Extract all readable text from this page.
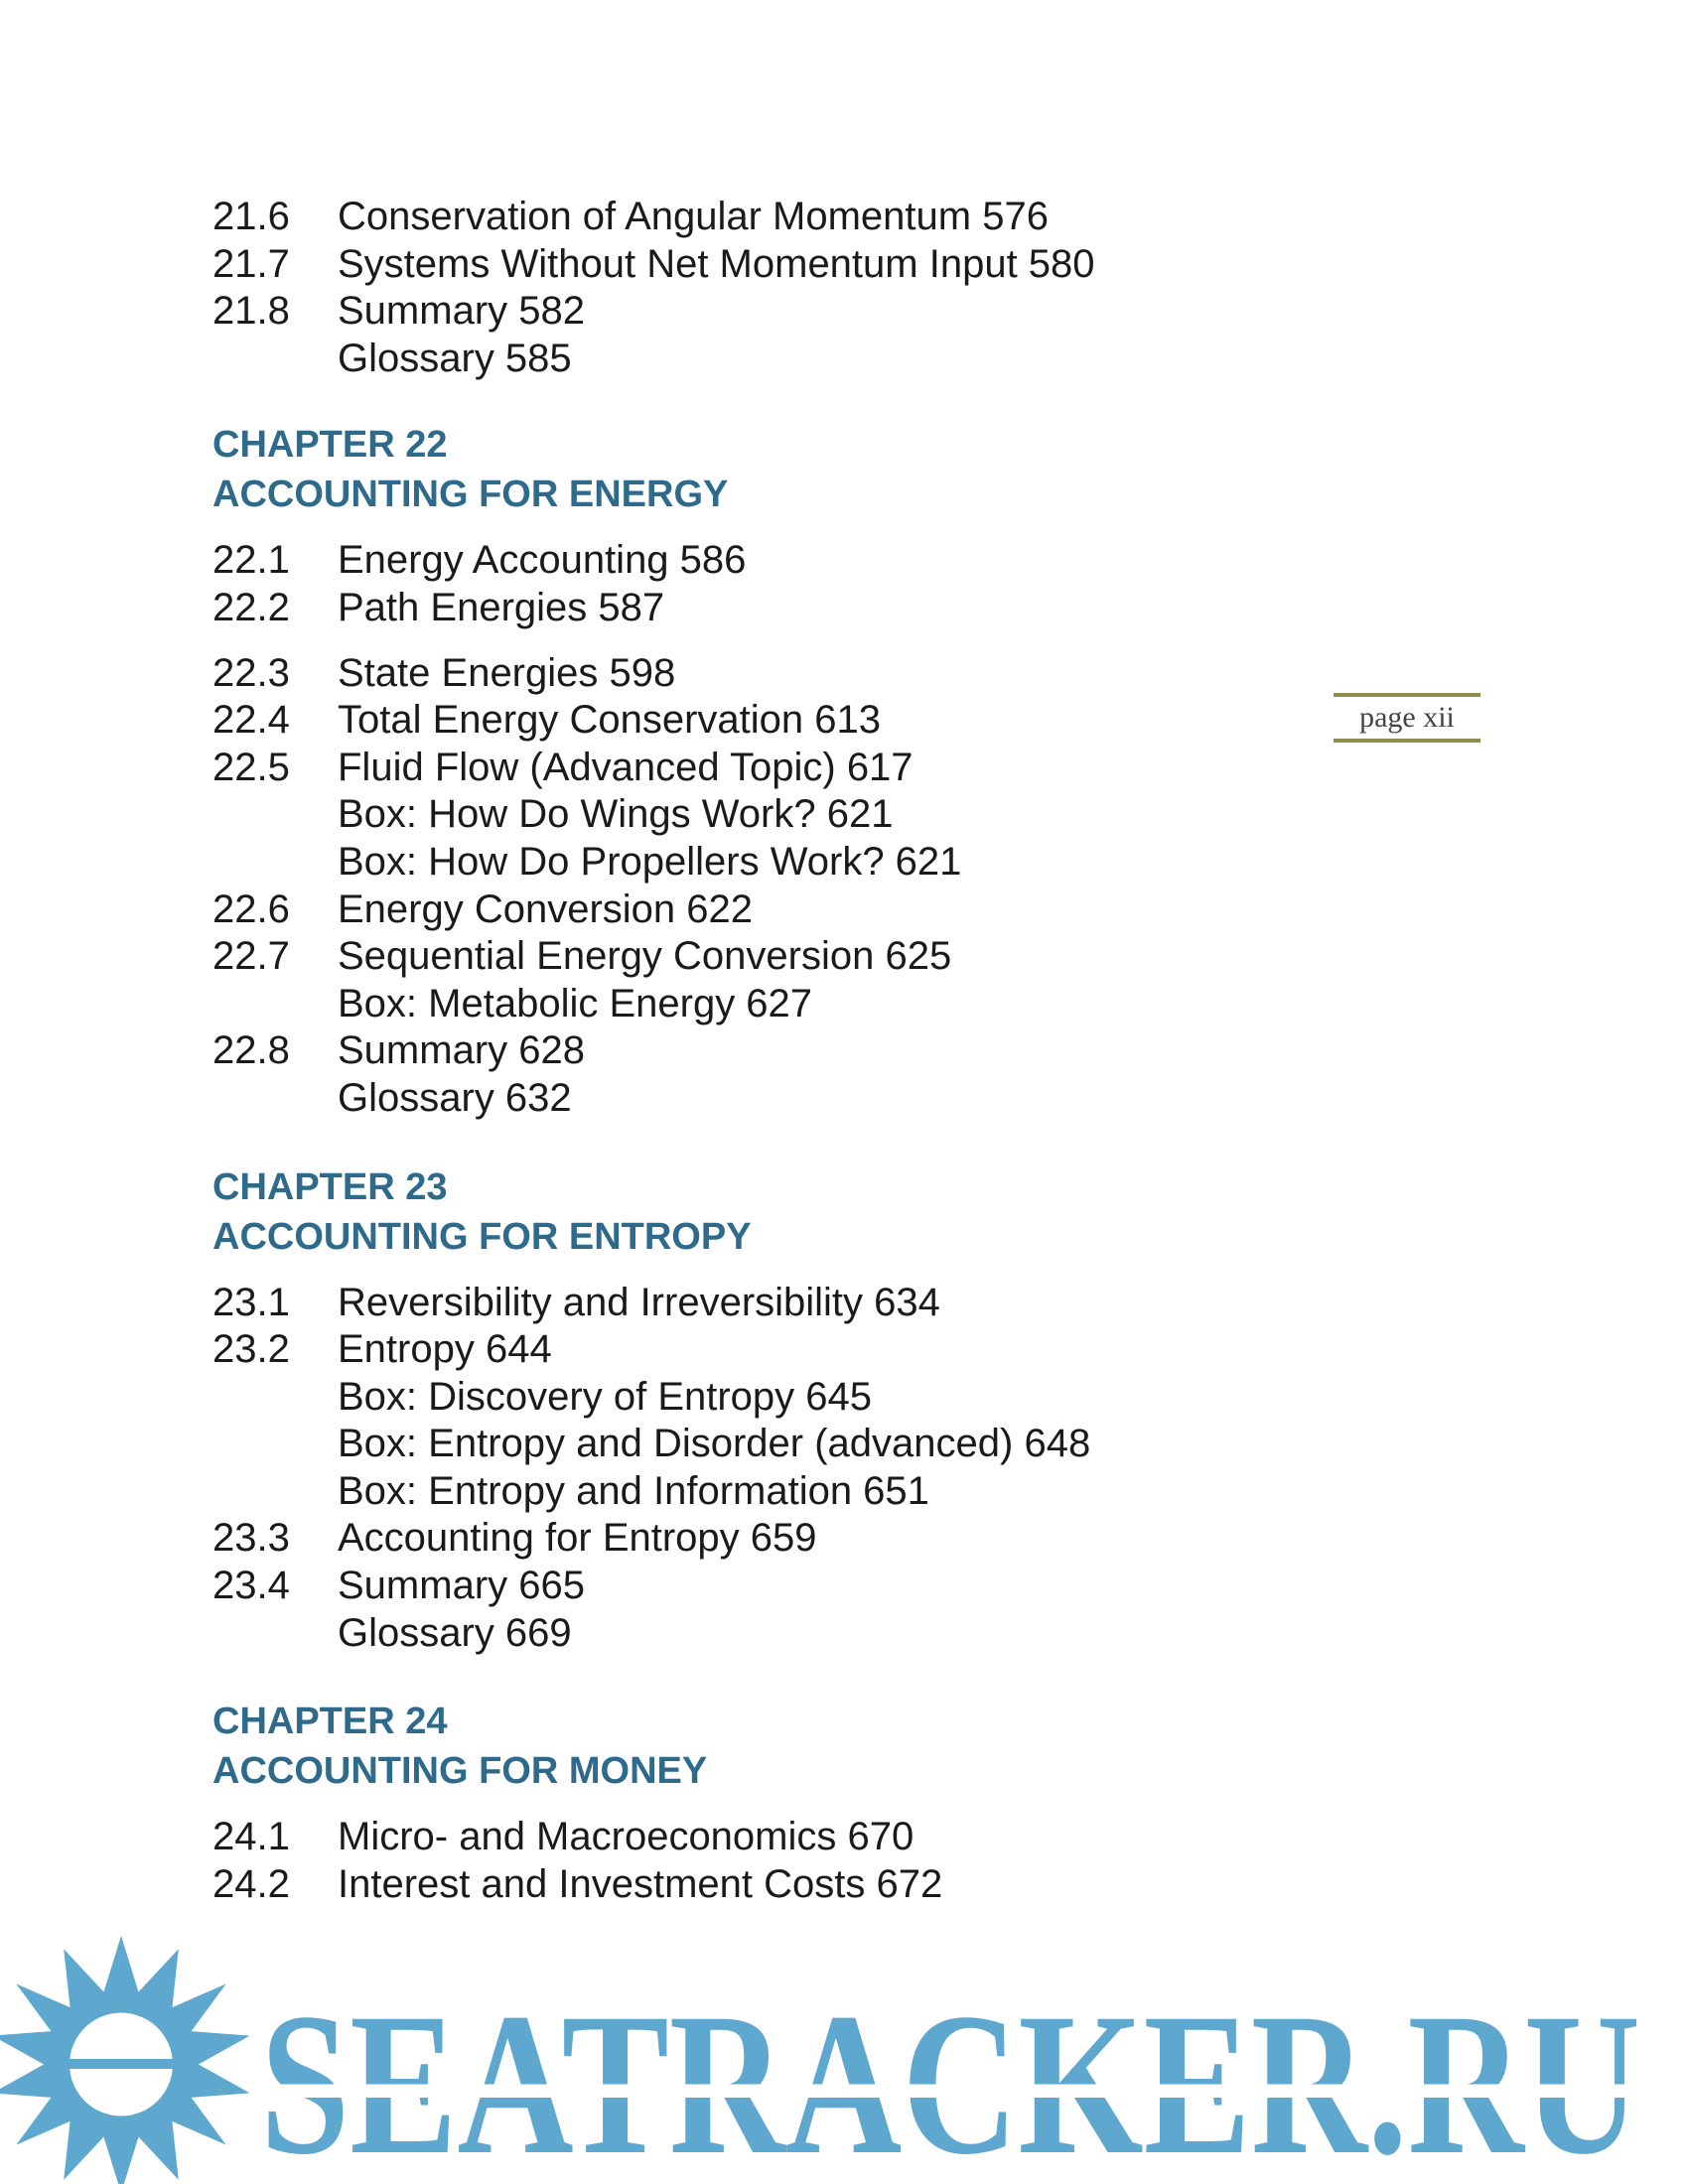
21.6 Conservation of Angular Momentum 576
21.7 Systems Without Net Momentum Input 580
21.8 Summary 582
Glossary 585
CHAPTER 22
ACCOUNTING FOR ENERGY
22.1 Energy Accounting 586
22.2 Path Energies 587
22.3 State Energies 598
22.4 Total Energy Conservation 613
22.5 Fluid Flow (Advanced Topic) 617
Box: How Do Wings Work? 621
Box: How Do Propellers Work? 621
22.6 Energy Conversion 622
22.7 Sequential Energy Conversion 625
Box: Metabolic Energy 627
22.8 Summary 628
Glossary 632
CHAPTER 23
ACCOUNTING FOR ENTROPY
23.1 Reversibility and Irreversibility 634
23.2 Entropy 644
Box: Discovery of Entropy 645
Box: Entropy and Disorder (advanced) 648
Box: Entropy and Information 651
23.3 Accounting for Entropy 659
23.4 Summary 665
Glossary 669
CHAPTER 24
ACCOUNTING FOR MONEY
24.1 Micro- and Macroeconomics 670
24.2 Interest and Investment Costs 672
page xii
SEATRACKER.RU
